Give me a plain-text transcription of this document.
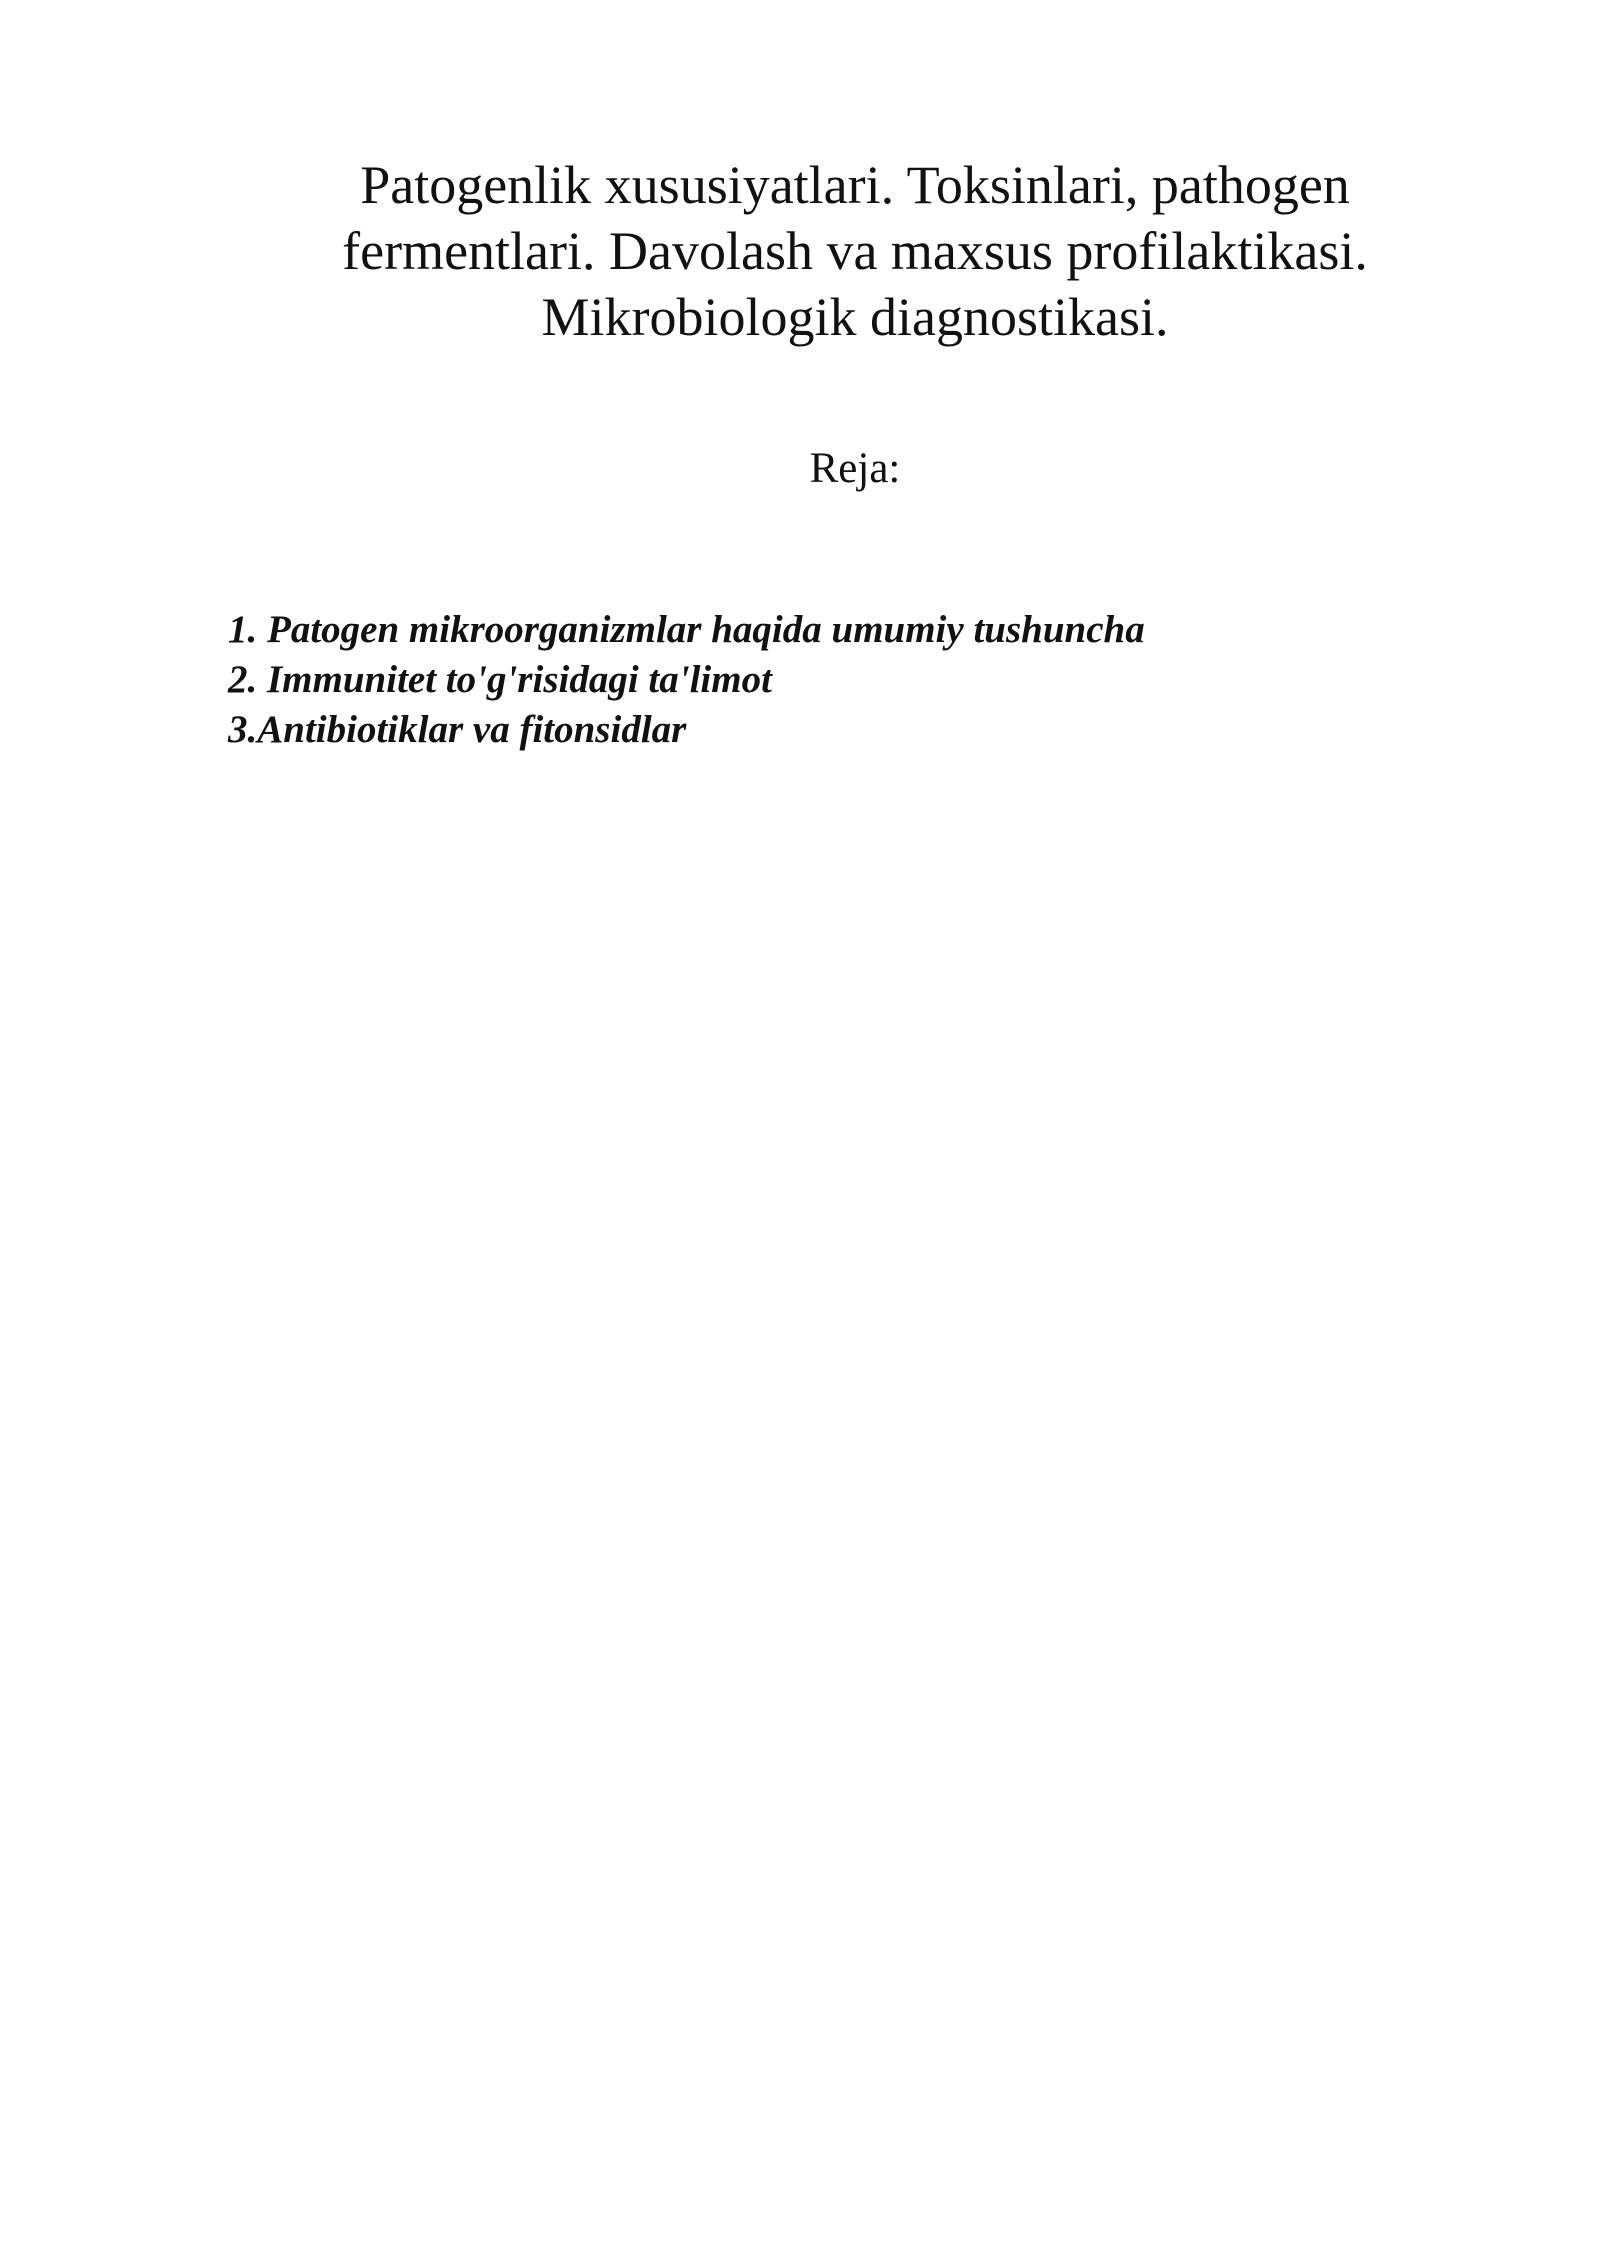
Patogenlik xususiyatlari. Toksinlari, pathogen
fermentlari. Davolash va maxsus profilaktikasi.
Mikrobiologik diagnostikasi.

Reja:

1. Patogen mikroorganizmlar haqida umumiy tushuncha
2. Immunitet to'g'risidagi ta'limot
3.Antibiotiklar va fitonsidlar
